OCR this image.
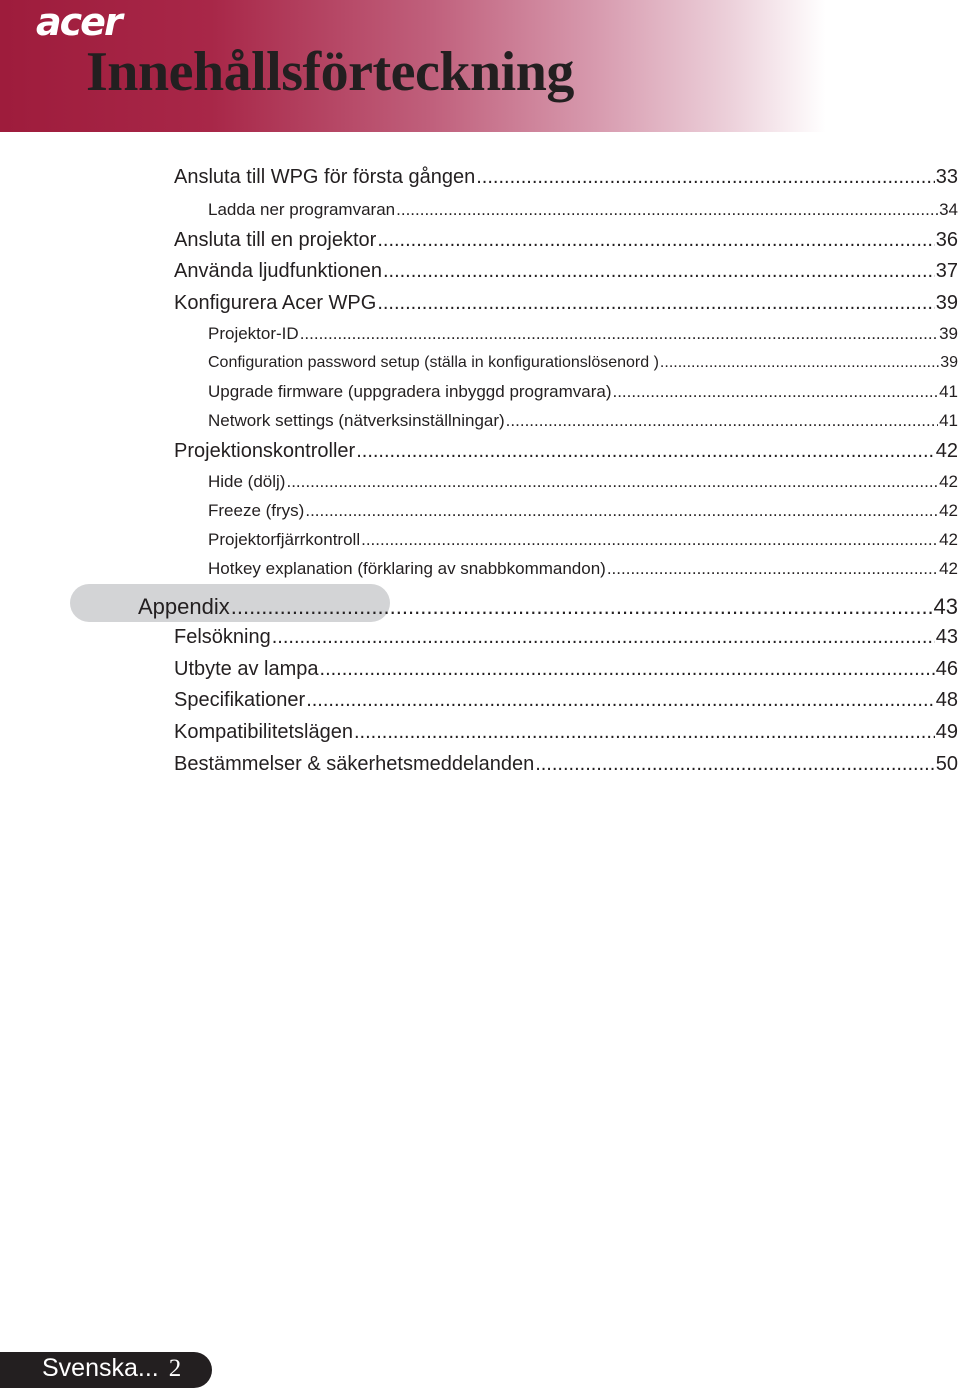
acer
Innehållsförteckning
Ansluta till WPG för första gången .....	33
Ladda ner programvaran .....	34
Ansluta till en projektor .....	36
Använda ljudfunktionen .....	37
Konfigurera Acer WPG .....	39
Projektor-ID .....	39
Configuration password setup (ställa in konfigurationslösenord ) .....	39
Upgrade firmware (uppgradera inbyggd programvara) .....	41
Network settings (nätverksinställningar) .....	41
Projektionskontroller .....	42
Hide (dölj) .....	42
Freeze (frys) .....	42
Projektorfjärrkontroll .....	42
Hotkey explanation (förklaring av snabbkommandon) .....	42
Appendix .....	43
Felsökning .....	43
Utbyte av lampa .....	46
Specifikationer .....	48
Kompatibilitetslägen .....	49
Bestämmelser & säkerhetsmeddelanden .....	50
Svenska... 2
